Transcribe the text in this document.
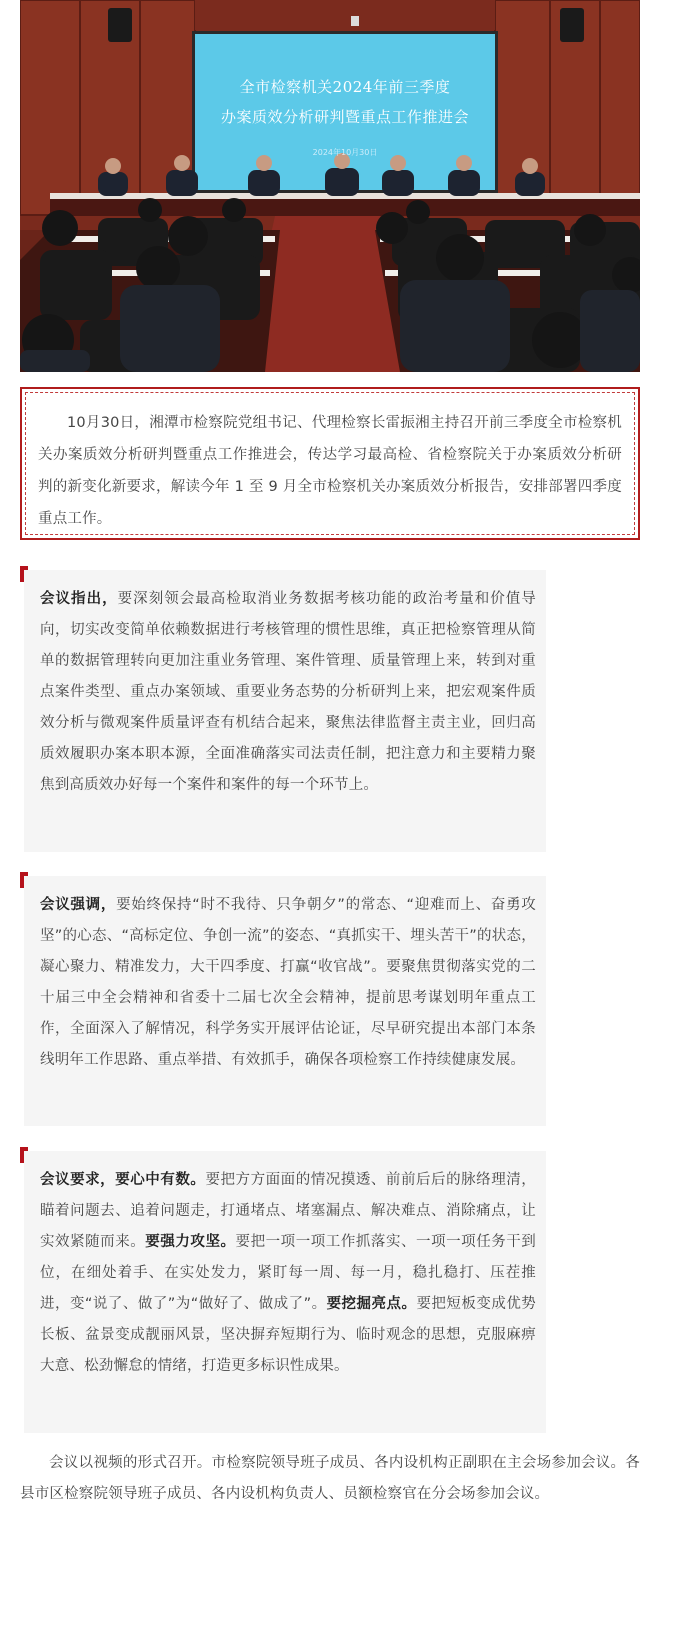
全市检察机关2024年前三季度
办案质效分析研判暨重点工作推进会
2024年10月30日

10月30日，湘潭市检察院党组书记、代理检察长雷振湘主持召开前三季度全市检察机关办案质效分析研判暨重点工作推进会，传达学习最高检、省检察院关于办案质效分析研判的新变化新要求，解读今年 1 至 9 月全市检察机关办案质效分析报告，安排部署四季度重点工作。

会议指出，要深刻领会最高检取消业务数据考核功能的政治考量和价值导向，切实改变简单依赖数据进行考核管理的惯性思维，真正把检察管理从简单的数据管理转向更加注重业务管理、案件管理、质量管理上来，转到对重点案件类型、重点办案领域、重要业务态势的分析研判上来，把宏观案件质效分析与微观案件质量评查有机结合起来，聚焦法律监督主责主业，回归高质效履职办案本职本源，全面准确落实司法责任制，把注意力和主要精力聚焦到高质效办好每一个案件和案件的每一个环节上。

会议强调，要始终保持“时不我待、只争朝夕”的常态、“迎难而上、奋勇攻坚”的心态、“高标定位、争创一流”的姿态、“真抓实干、埋头苦干”的状态，凝心聚力、精准发力，大干四季度、打赢“收官战”。要聚焦贯彻落实党的二十届三中全会精神和省委十二届七次全会精神，提前思考谋划明年重点工作，全面深入了解情况，科学务实开展评估论证，尽早研究提出本部门本条线明年工作思路、重点举措、有效抓手，确保各项检察工作持续健康发展。

会议要求，要心中有数。要把方方面面的情况摸透、前前后后的脉络理清，瞄着问题去、追着问题走，打通堵点、堵塞漏点、解决难点、消除痛点，让实效紧随而来。要强力攻坚。要把一项一项工作抓落实、一项一项任务干到位，在细处着手、在实处发力，紧盯每一周、每一月，稳扎稳打、压茬推进，变“说了、做了”为“做好了、做成了”。要挖掘亮点。要把短板变成优势长板、盆景变成靓丽风景，坚决摒弃短期行为、临时观念的思想，克服麻痹大意、松劲懈怠的情绪，打造更多标识性成果。

会议以视频的形式召开。市检察院领导班子成员、各内设机构正副职在主会场参加会议。各县市区检察院领导班子成员、各内设机构负责人、员额检察官在分会场参加会议。
